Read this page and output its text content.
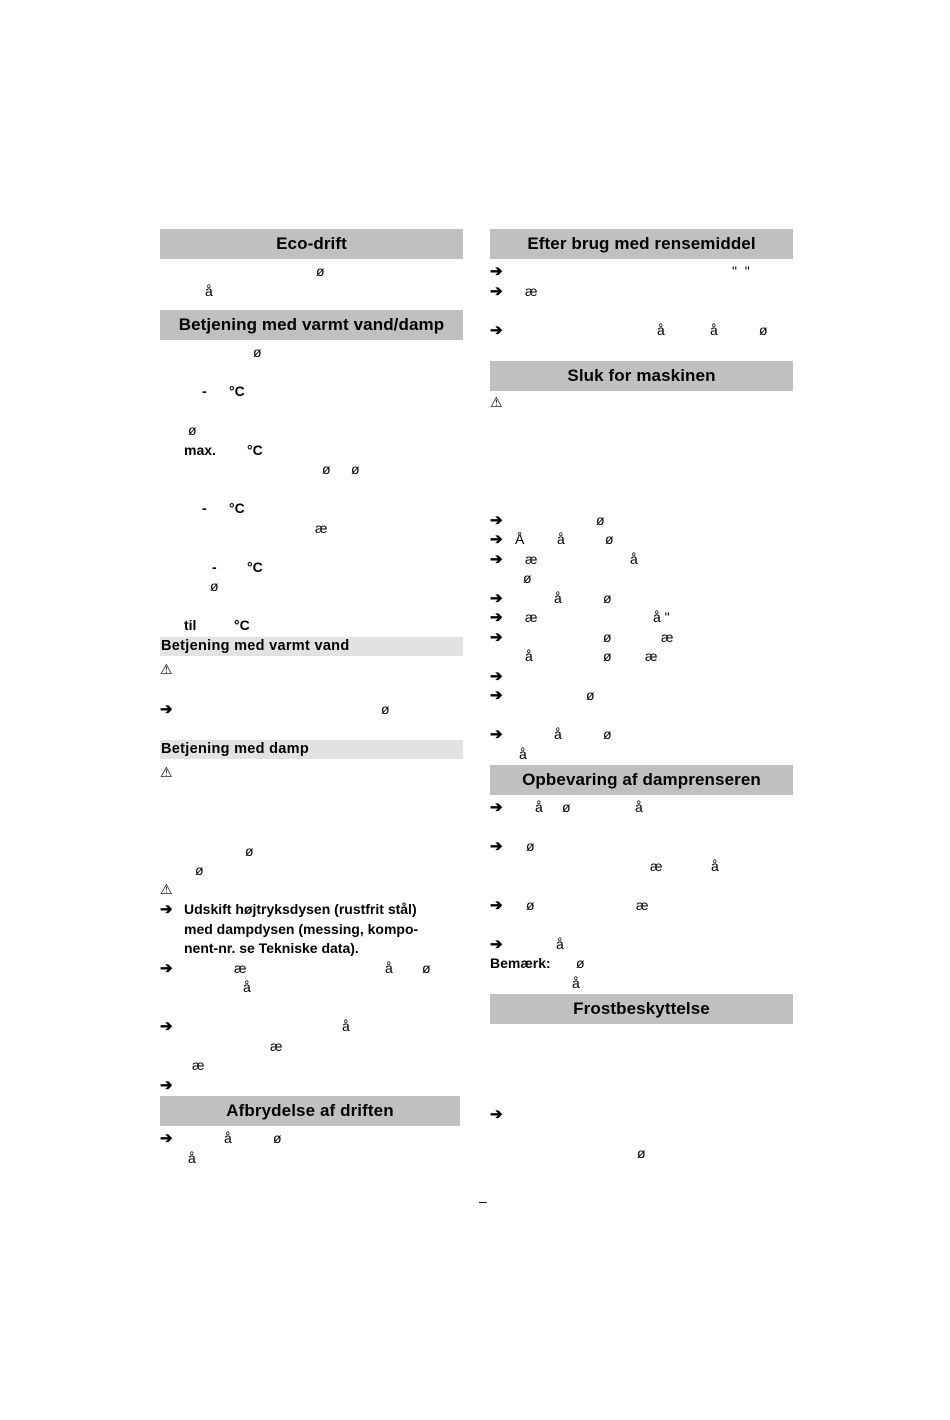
Eco-drift
ø
å
Betjening med varmt vand/damp
ø
- °C
ø
max. °C
ø ø
- °C
æ
- °C
ø
til	°C
Betjening med varmt vand
⚠
➔	ø
Betjening med damp
⚠
ø
ø
⚠
➔ Udskift højtryksdysen (rustfrit stål)
med dampdysen (messing, kompo-
nent-nr. se Tekniske data).
➔	æ	å ø
å
➔	å
æ
æ
➔
Afbrydelse af driften
➔	å	ø
å
Efter brug med rensemiddel
➔	"  "
➔ æ
➔	å	å	ø
Sluk for maskinen
⚠
➔	ø
➔ Å å	ø
➔ æ	å
ø
➔	å	ø
➔ æ	å "
➔	ø	æ
å	ø æ
➔
➔	ø
➔	å	ø
å
Opbevaring af damprenseren
➔ å ø	å
➔ ø
æ	å
➔ ø	æ
➔	å
Bemærk: ø
å
Frostbeskyttelse
➔
ø
–
